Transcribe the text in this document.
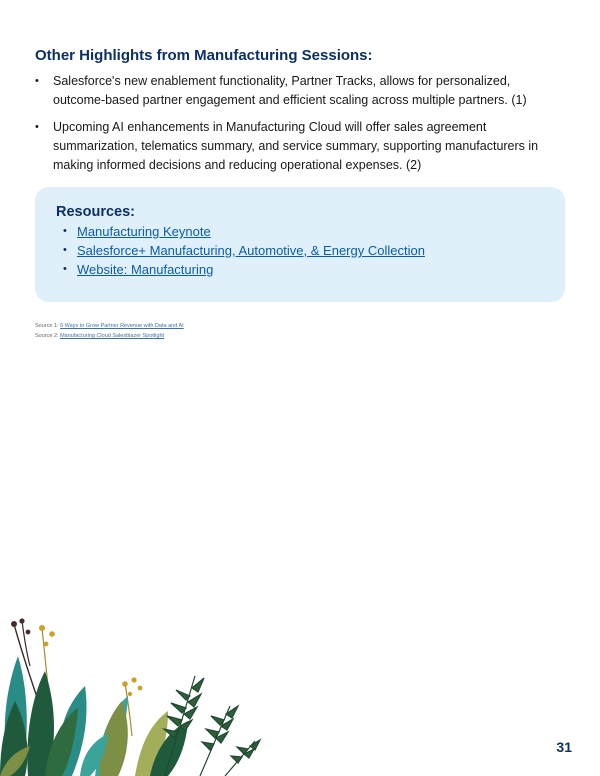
Other Highlights from Manufacturing Sessions:
• Salesforce's new enablement functionality, Partner Tracks, allows for personalized, outcome-based partner engagement and efficient scaling across multiple partners. (1)
• Upcoming AI enhancements in Manufacturing Cloud will offer sales agreement summarization, telematics summary, and service summary, supporting manufacturers in making informed decisions and reducing operational expenses. (2)
Resources:
• Manufacturing Keynote
• Salesforce+ Manufacturing, Automotive, & Energy Collection
• Website: Manufacturing
Source 1: 6 Ways to Grow Partner Revenue with Data and AI
Source 2: Manufacturing Cloud Salesblazer Spotlight
31
